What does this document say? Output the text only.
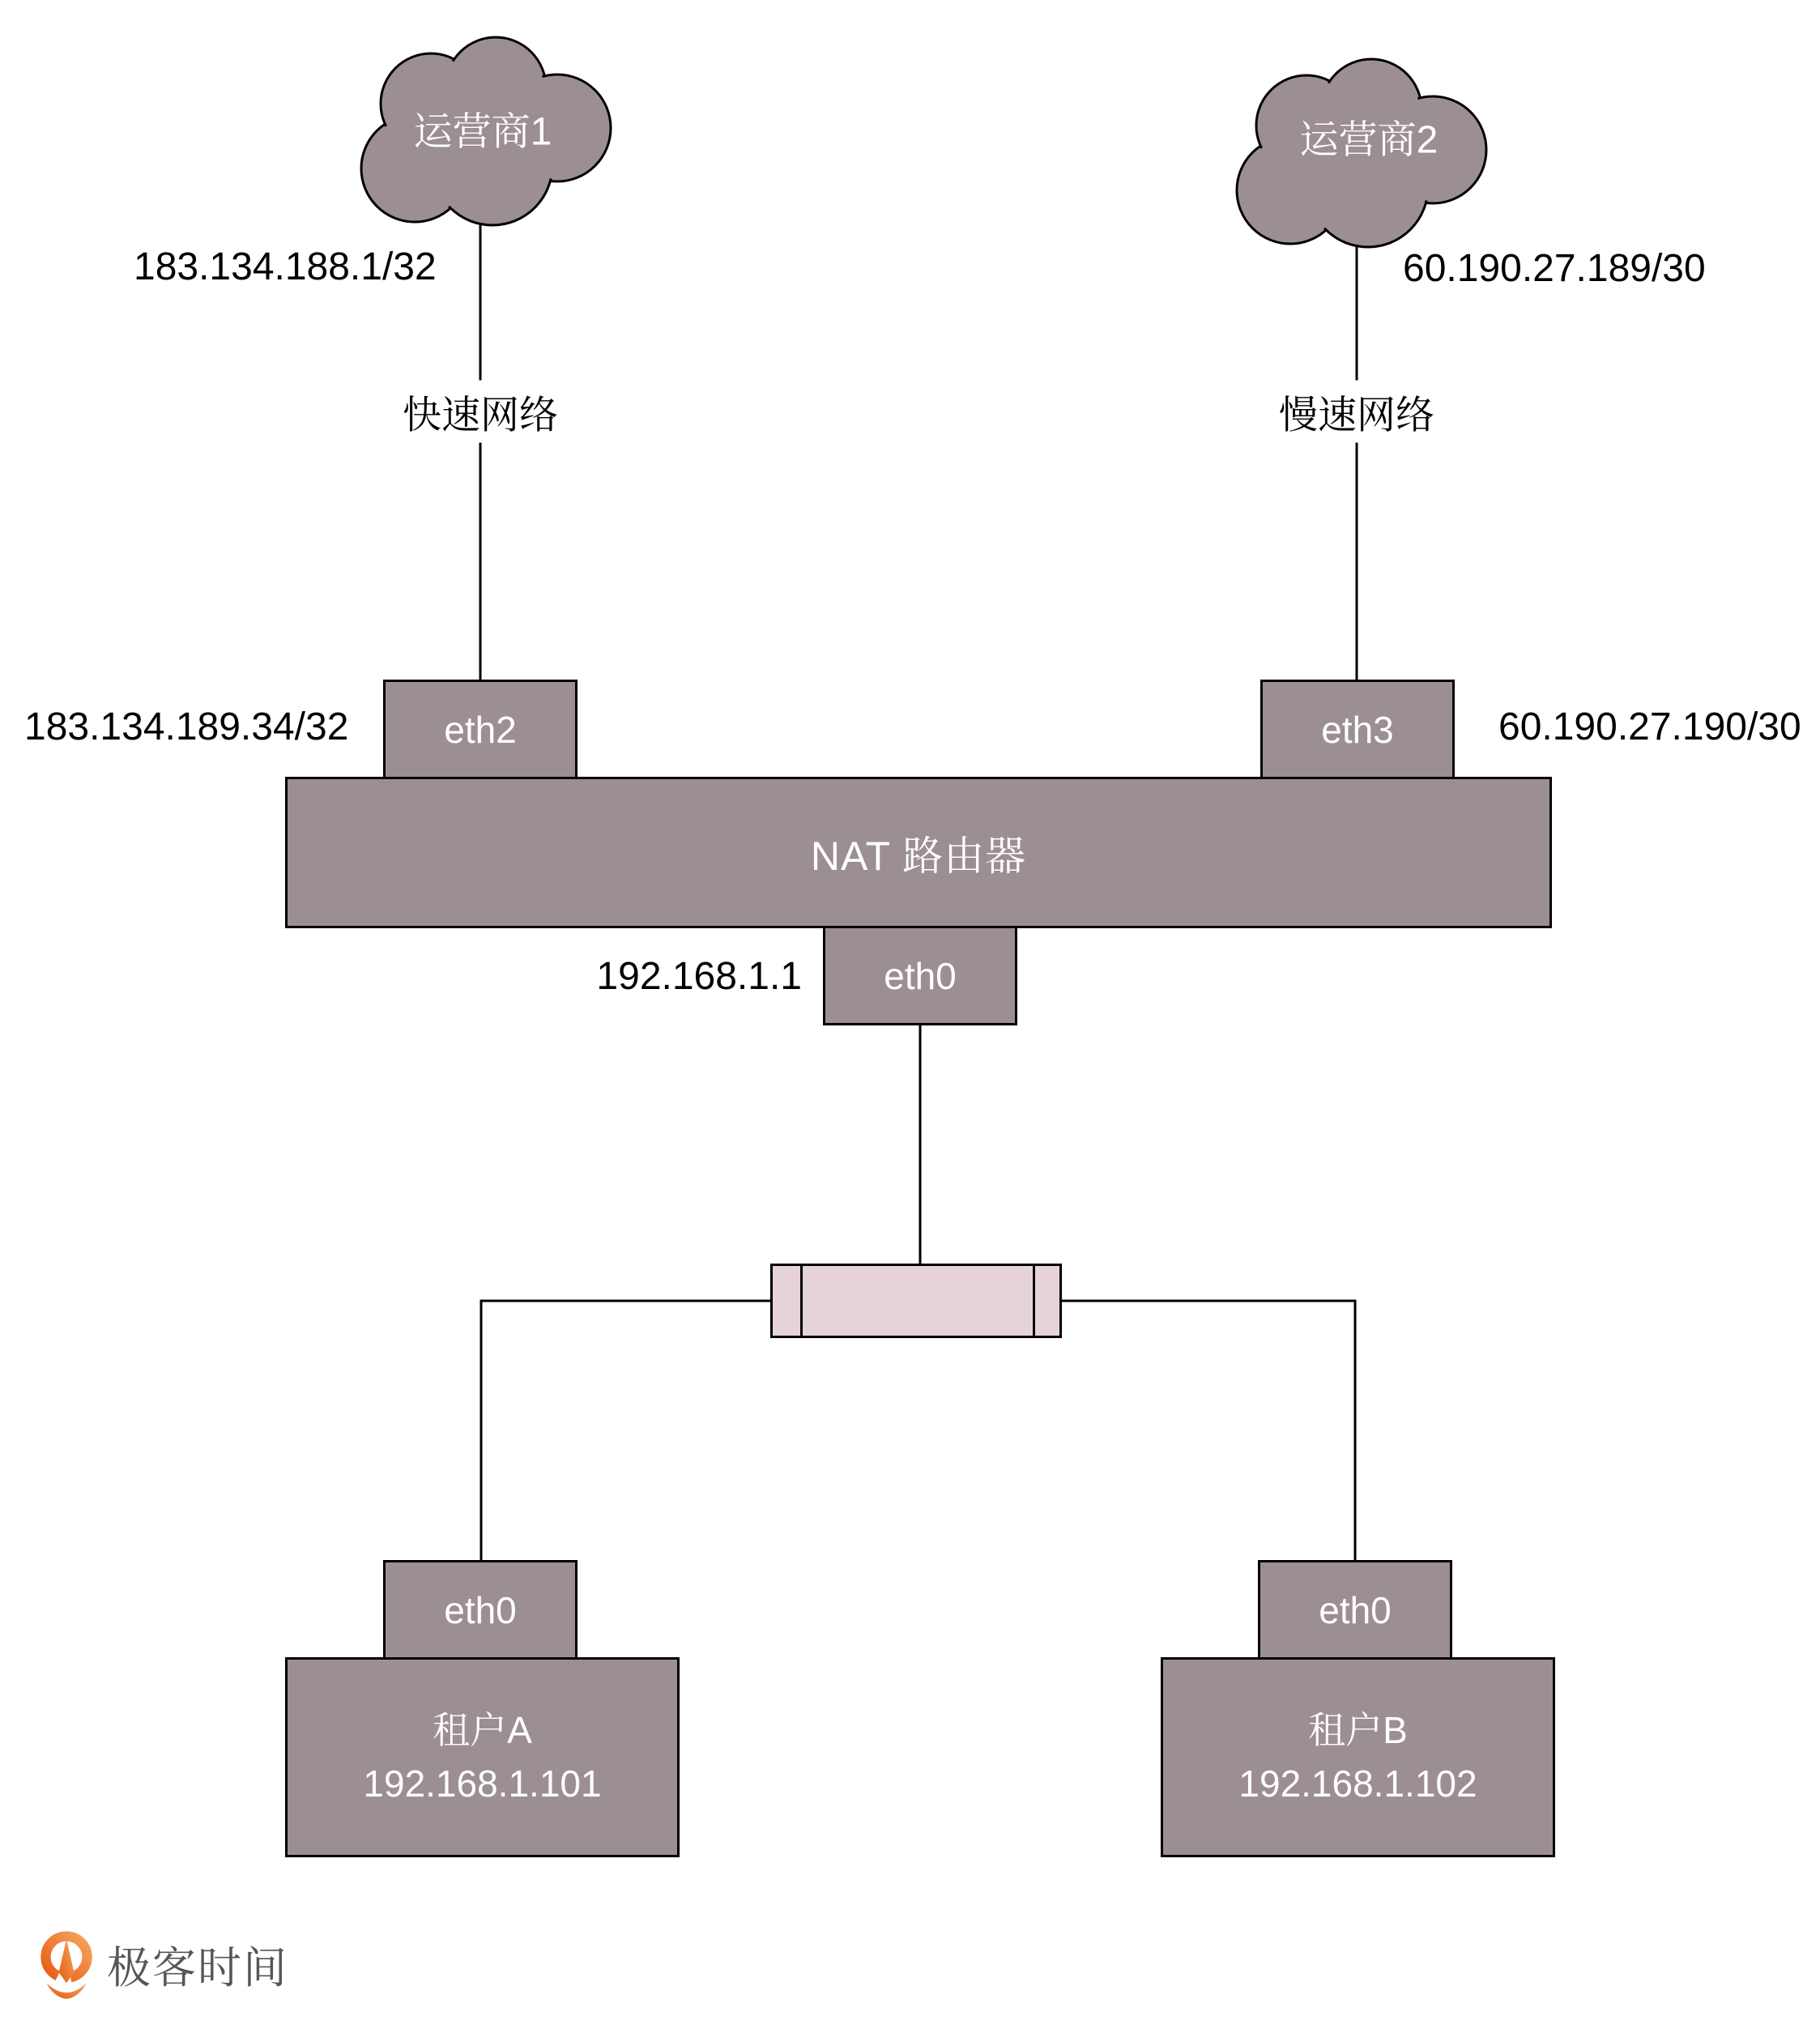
运营商1	运营商2
183.134.188.1/32	60.190.27.189/30
快速网络	慢速网络
eth2	eth3
183.134.189.34/32	60.190.27.190/30
NAT 路由器
eth0
192.168.1.1
eth0
租户A
192.168.1.101
eth0
租户B
192.168.1.102
极客时间
